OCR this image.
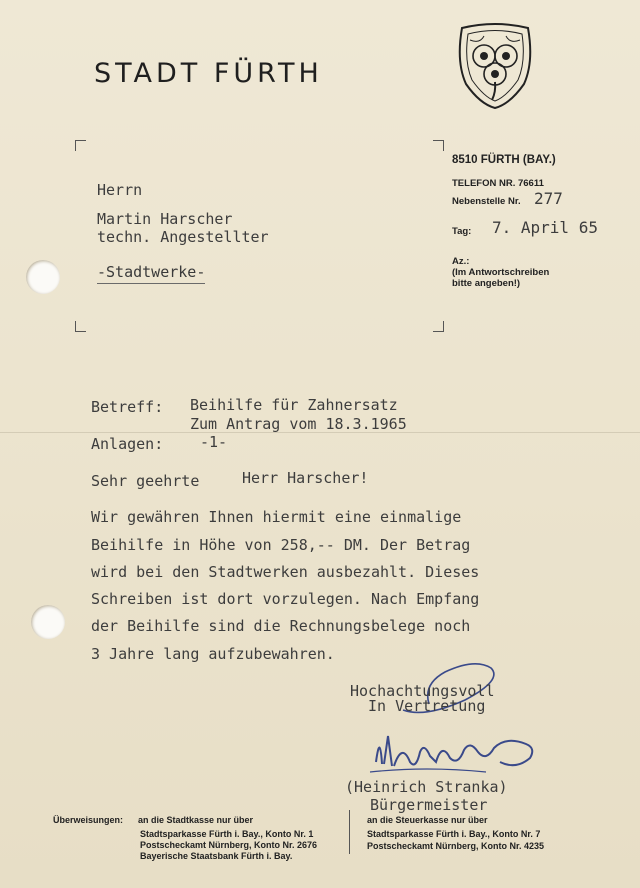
STADT FÜRTH
Herrn
Martin Harscher
techn. Angestellter
-Stadtwerke-
8510 FÜRTH (BAY.)
TELEFON NR. 76611
Nebenstelle Nr. 277
Tag: 7. April 65
Az.:
(Im Antwortschreiben
bitte angeben!)
Betreff: Beihilfe für Zahnersatz
Zum Antrag vom 18.3.1965
Anlagen: -1-
Sehr geehrte	Herr Harscher!
Wir gewähren Ihnen hiermit eine einmalige
Beihilfe in Höhe von 258,-- DM. Der Betrag
wird bei den Stadtwerken ausbezahlt. Dieses
Schreiben ist dort vorzulegen. Nach Empfang
der Beihilfe sind die Rechnungsbelege noch
3 Jahre lang aufzubewahren.
Hochachtungsvoll
In Vertretung
(Heinrich Stranka)
Bürgermeister
Überweisungen: an die Stadtkasse nur über
Stadtsparkasse Fürth i. Bay., Konto Nr. 1
Postscheckamt Nürnberg, Konto Nr. 2676
Bayerische Staatsbank Fürth i. Bay.
an die Steuerkasse nur über
Stadtsparkasse Fürth i. Bay., Konto Nr. 7
Postscheckamt Nürnberg, Konto Nr. 4235
